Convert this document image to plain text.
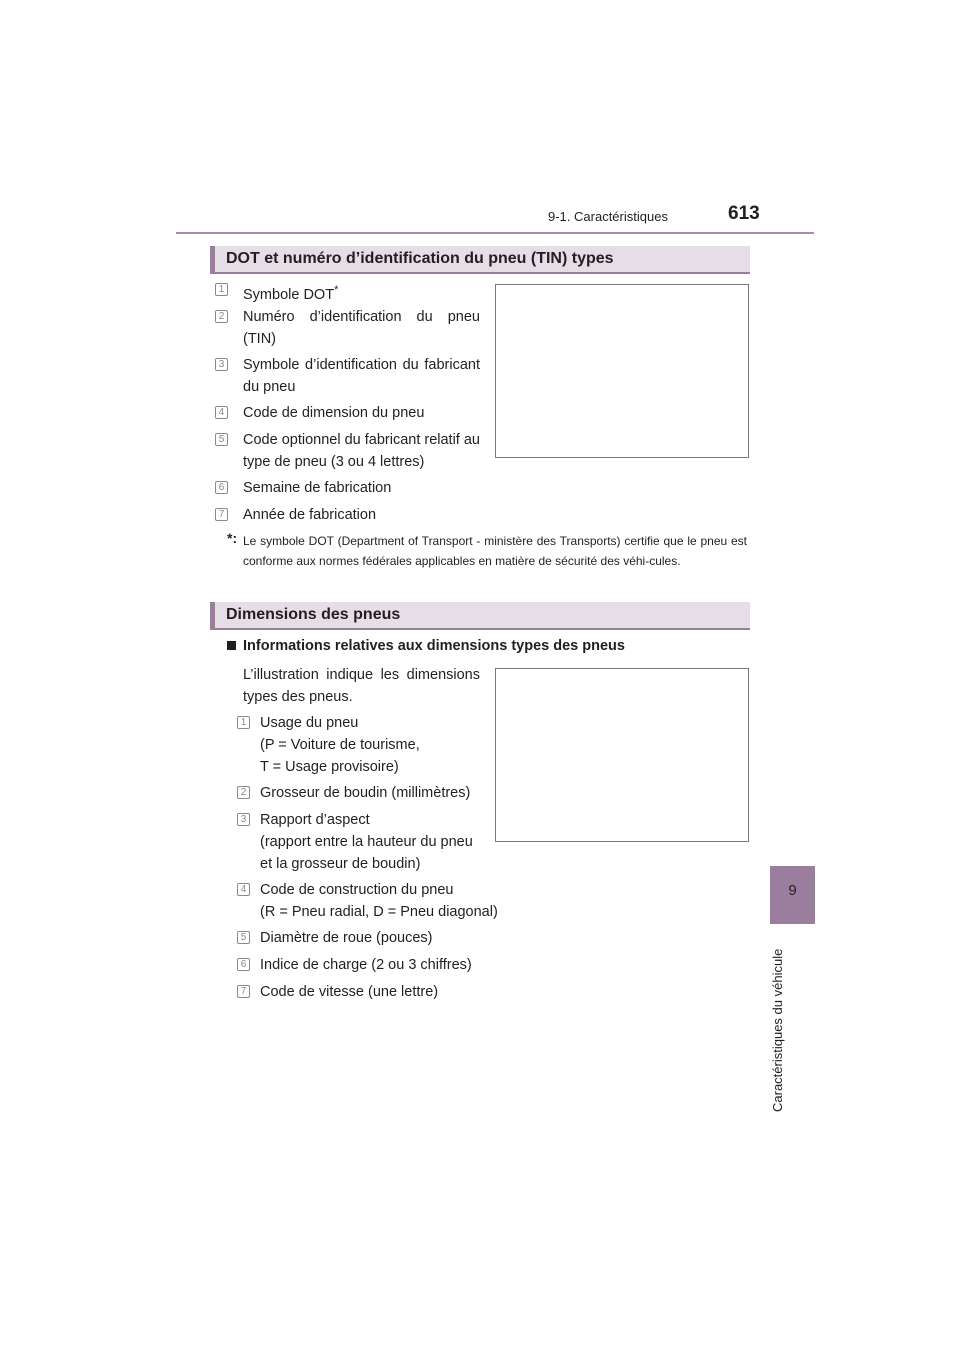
9-1. Caractéristiques	613
9
Caractéristiques du véhicule
DOT et numéro d’identification du pneu (TIN) types
1 Symbole DOT*
2 Numéro d’identification du pneu (TIN)
3 Symbole d’identification du fabricant du pneu
4 Code de dimension du pneu
5 Code optionnel du fabricant relatif au type de pneu (3 ou 4 lettres)
6 Semaine de fabrication
7 Année de fabrication
*: Le symbole DOT (Department of Transport - ministère des Transports) certifie que le pneu est conforme aux normes fédérales applicables en matière de sécurité des véhi-cules.
Dimensions des pneus
Informations relatives aux dimensions types des pneus
L’illustration indique les dimensions types des pneus.
1 Usage du pneu
(P = Voiture de tourisme,
T = Usage provisoire)
2 Grosseur de boudin (millimètres)
3 Rapport d’aspect
(rapport entre la hauteur du pneu
et la grosseur de boudin)
4 Code de construction du pneu
(R = Pneu radial, D = Pneu diagonal)
5 Diamètre de roue (pouces)
6 Indice de charge (2 ou 3 chiffres)
7 Code de vitesse (une lettre)
